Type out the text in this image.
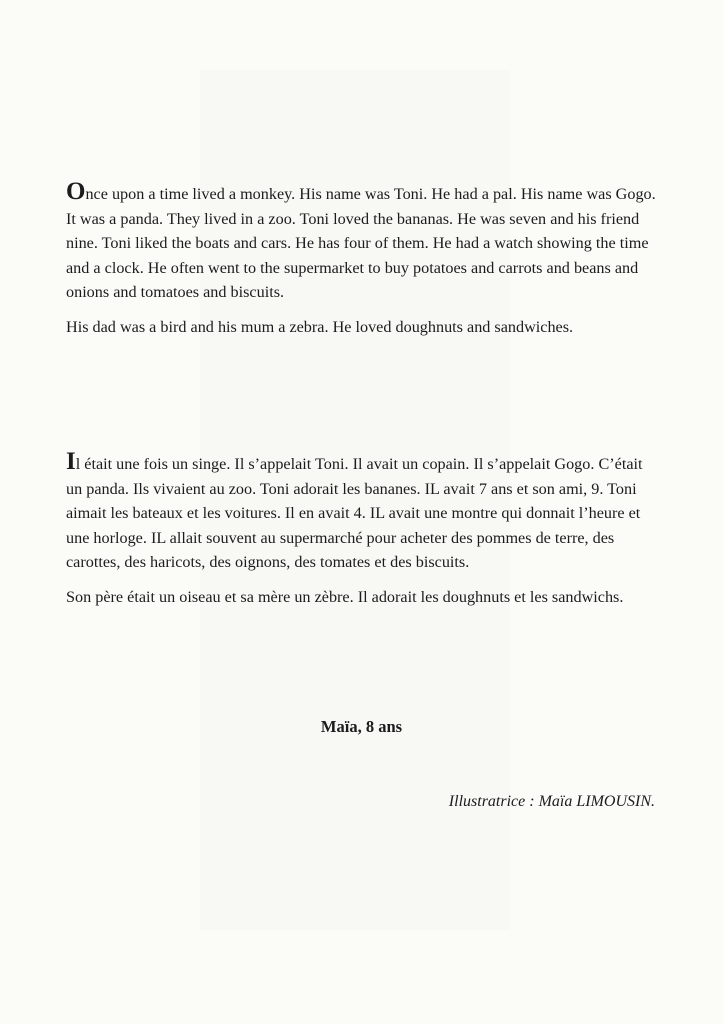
Once upon a time lived a monkey. His name was Toni. He had a pal. His name was Gogo. It was a panda. They lived in a zoo. Toni loved the bananas. He was seven and his friend nine. Toni liked the boats and cars. He has four of them. He had a watch showing the time and a clock. He often went to the supermarket to buy potatoes and carrots and beans and onions and tomatoes and biscuits.

His dad was a bird and his mum a zebra. He loved doughnuts and sandwiches.

Il était une fois un singe. Il s’appelait Toni. Il avait un copain. Il s’appelait Gogo. C’était un panda. Ils vivaient au zoo. Toni adorait les bananes. IL avait 7 ans et son ami, 9. Toni aimait les bateaux et les voitures. Il en avait 4. IL avait une montre qui donnait l’heure et une horloge. IL allait souvent au supermarché pour acheter des pommes de terre, des carottes, des haricots, des oignons, des tomates et des biscuits.

Son père était un oiseau et sa mère un zèbre. Il adorait les doughnuts et les sandwichs.

Maïa, 8 ans
Illustratrice : Maïa LIMOUSIN.
